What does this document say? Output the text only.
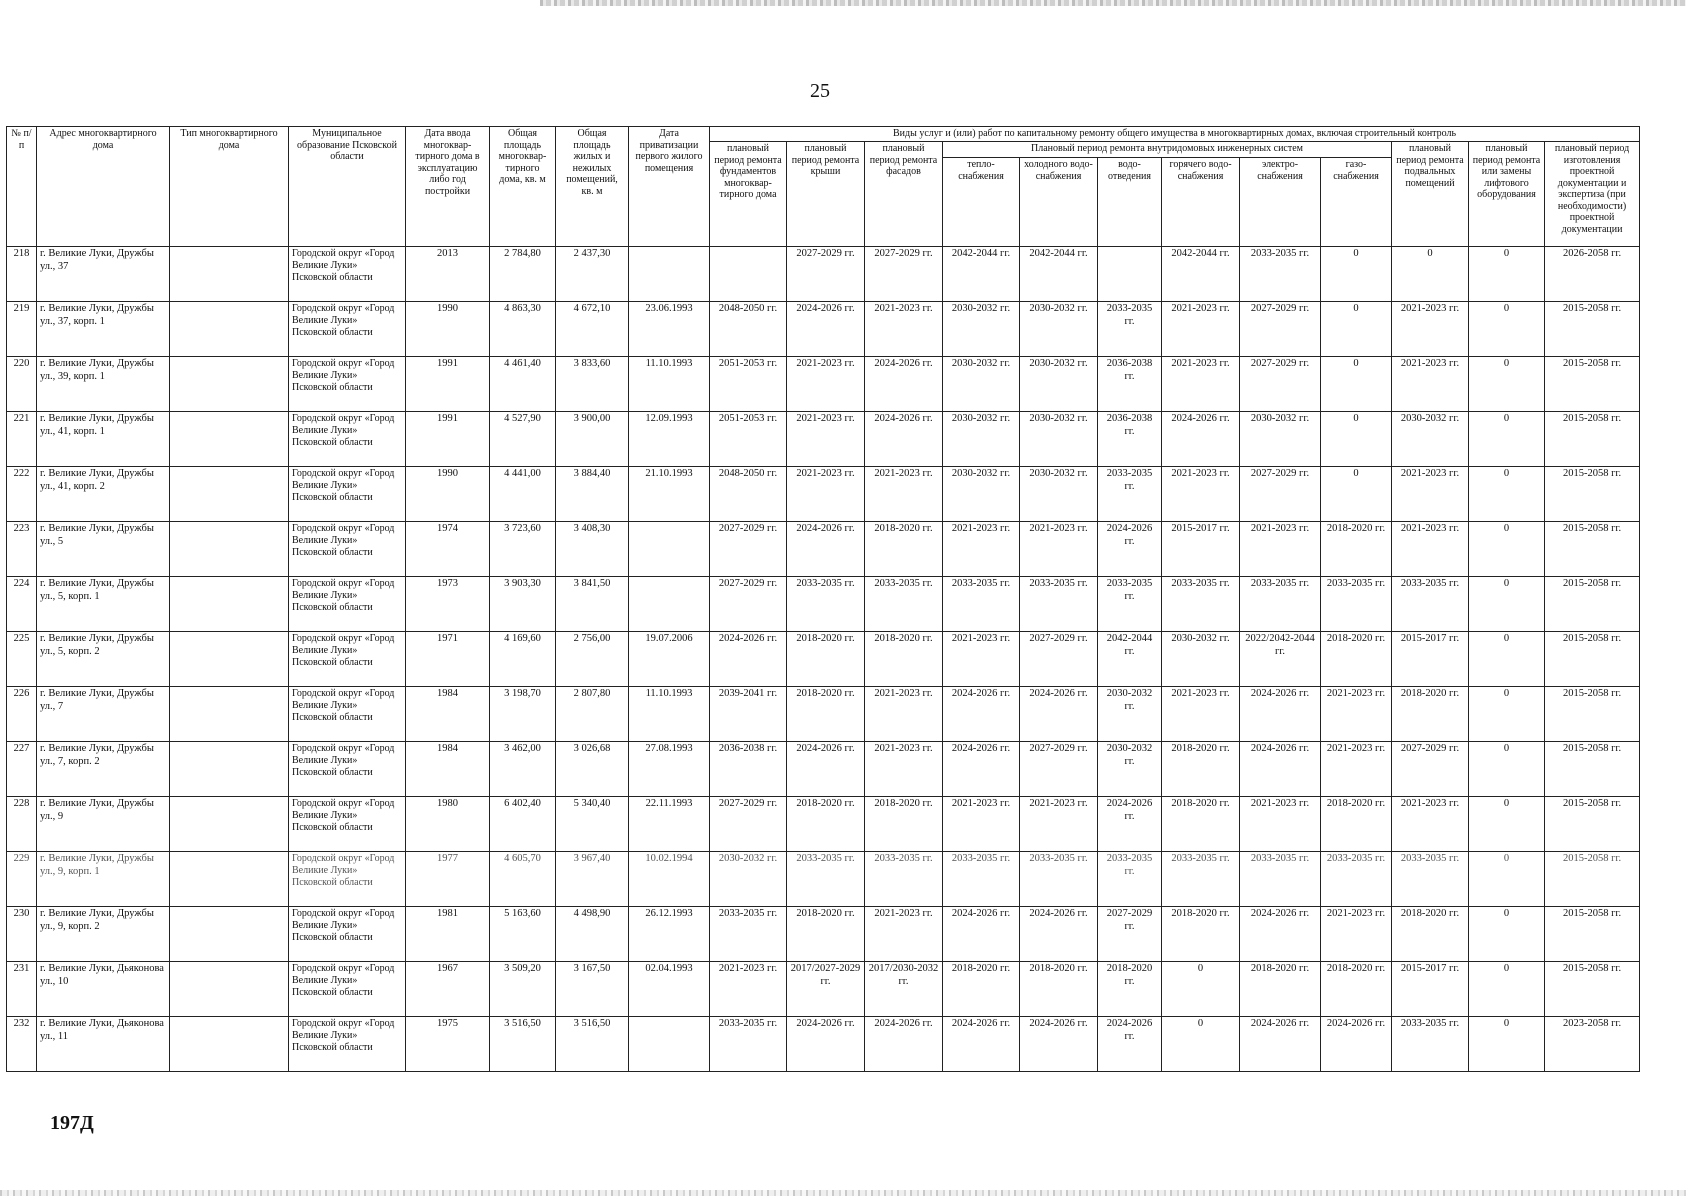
25
№ п/п	Адрес многоквартирного дома	Тип многоквартирного дома	Муниципальное образование Псковской области	Дата ввода многоквар-тирного дома в эксплуатацию либо год постройки	Общая площадь многоквар-тирного дома, кв. м	Общая площадь жилых и нежилых помещений, кв. м	Дата приватизации первого жилого помещения	Виды услуг и (или) работ по капитальному ремонту общего имущества в многоквартирных домах, включая строительный контроль											
								плановый период ремонта фундаментов многоквар-тирного дома	плановый период ремонта крыши	плановый период ремонта фасадов	Плановый период ремонта внутридомовых инженерных систем						плановый период ремонта подвальных помещений	плановый период ремонта или замены лифтового оборудования	плановый период изготовления проектной документации и экспертиза (при необходимости) проектной документации
											тепло-снабжения	холодного водо-снабжения	водо-отведения	горячего водо-снабжения	электро-снабжения	газо-снабжения			
218	г. Великие Луки, Дружбы ул., 37		Городской округ «Город Великие Луки» Псковской области	2013	2 784,80	2 437,30			2027-2029 гг.	2027-2029 гг.	2042-2044 гг.	2042-2044 гг.		2042-2044 гг.	2033-2035 гг.	0	0	0	2026-2058 гг.
219	г. Великие Луки, Дружбы ул., 37, корп. 1		Городской округ «Город Великие Луки» Псковской области	1990	4 863,30	4 672,10	23.06.1993	2048-2050 гг.	2024-2026 гг.	2021-2023 гг.	2030-2032 гг.	2030-2032 гг.	2033-2035 гг.	2021-2023 гг.	2027-2029 гг.	0	2021-2023 гг.	0	2015-2058 гг.
220	г. Великие Луки, Дружбы ул., 39, корп. 1		Городской округ «Город Великие Луки» Псковской области	1991	4 461,40	3 833,60	11.10.1993	2051-2053 гг.	2021-2023 гг.	2024-2026 гг.	2030-2032 гг.	2030-2032 гг.	2036-2038 гг.	2021-2023 гг.	2027-2029 гг.	0	2021-2023 гг.	0	2015-2058 гг.
221	г. Великие Луки, Дружбы ул., 41, корп. 1		Городской округ «Город Великие Луки» Псковской области	1991	4 527,90	3 900,00	12.09.1993	2051-2053 гг.	2021-2023 гг.	2024-2026 гг.	2030-2032 гг.	2030-2032 гг.	2036-2038 гг.	2024-2026 гг.	2030-2032 гг.	0	2030-2032 гг.	0	2015-2058 гг.
222	г. Великие Луки, Дружбы ул., 41, корп. 2		Городской округ «Город Великие Луки» Псковской области	1990	4 441,00	3 884,40	21.10.1993	2048-2050 гг.	2021-2023 гг.	2021-2023 гг.	2030-2032 гг.	2030-2032 гг.	2033-2035 гг.	2021-2023 гг.	2027-2029 гг.	0	2021-2023 гг.	0	2015-2058 гг.
223	г. Великие Луки, Дружбы ул., 5		Городской округ «Город Великие Луки» Псковской области	1974	3 723,60	3 408,30		2027-2029 гг.	2024-2026 гг.	2018-2020 гг.	2021-2023 гг.	2021-2023 гг.	2024-2026 гг.	2015-2017 гг.	2021-2023 гг.	2018-2020 гг.	2021-2023 гг.	0	2015-2058 гг.
224	г. Великие Луки, Дружбы ул., 5, корп. 1		Городской округ «Город Великие Луки» Псковской области	1973	3 903,30	3 841,50		2027-2029 гг.	2033-2035 гг.	2033-2035 гг.	2033-2035 гг.	2033-2035 гг.	2033-2035 гг.	2033-2035 гг.	2033-2035 гг.	2033-2035 гг.	2033-2035 гг.	0	2015-2058 гг.
225	г. Великие Луки, Дружбы ул., 5, корп. 2		Городской округ «Город Великие Луки» Псковской области	1971	4 169,60	2 756,00	19.07.2006	2024-2026 гг.	2018-2020 гг.	2018-2020 гг.	2021-2023 гг.	2027-2029 гг.	2042-2044 гг.	2030-2032 гг.	2022/2042-2044 гг.	2018-2020 гг.	2015-2017 гг.	0	2015-2058 гг.
226	г. Великие Луки, Дружбы ул., 7		Городской округ «Город Великие Луки» Псковской области	1984	3 198,70	2 807,80	11.10.1993	2039-2041 гг.	2018-2020 гг.	2021-2023 гг.	2024-2026 гг.	2024-2026 гг.	2030-2032 гг.	2021-2023 гг.	2024-2026 гг.	2021-2023 гг.	2018-2020 гг.	0	2015-2058 гг.
227	г. Великие Луки, Дружбы ул., 7, корп. 2		Городской округ «Город Великие Луки» Псковской области	1984	3 462,00	3 026,68	27.08.1993	2036-2038 гг.	2024-2026 гг.	2021-2023 гг.	2024-2026 гг.	2027-2029 гг.	2030-2032 гг.	2018-2020 гг.	2024-2026 гг.	2021-2023 гг.	2027-2029 гг.	0	2015-2058 гг.
228	г. Великие Луки, Дружбы ул., 9		Городской округ «Город Великие Луки» Псковской области	1980	6 402,40	5 340,40	22.11.1993	2027-2029 гг.	2018-2020 гг.	2018-2020 гг.	2021-2023 гг.	2021-2023 гг.	2024-2026 гг.	2018-2020 гг.	2021-2023 гг.	2018-2020 гг.	2021-2023 гг.	0	2015-2058 гг.
229	г. Великие Луки, Дружбы ул., 9, корп. 1		Городской округ «Город Великие Луки» Псковской области	1977	4 605,70	3 967,40	10.02.1994	2030-2032 гг.	2033-2035 гг.	2033-2035 гг.	2033-2035 гг.	2033-2035 гг.	2033-2035 гг.	2033-2035 гг.	2033-2035 гг.	2033-2035 гг.	2033-2035 гг.	0	2015-2058 гг.
230	г. Великие Луки, Дружбы ул., 9, корп. 2		Городской округ «Город Великие Луки» Псковской области	1981	5 163,60	4 498,90	26.12.1993	2033-2035 гг.	2018-2020 гг.	2021-2023 гг.	2024-2026 гг.	2024-2026 гг.	2027-2029 гг.	2018-2020 гг.	2024-2026 гг.	2021-2023 гг.	2018-2020 гг.	0	2015-2058 гг.
231	г. Великие Луки, Дьяконова ул., 10		Городской округ «Город Великие Луки» Псковской области	1967	3 509,20	3 167,50	02.04.1993	2021-2023 гг.	2017/2027-2029 гг.	2017/2030-2032 гг.	2018-2020 гг.	2018-2020 гг.	2018-2020 гг.	0	2018-2020 гг.	2018-2020 гг.	2015-2017 гг.	0	2015-2058 гг.
232	г. Великие Луки, Дьяконова ул., 11		Городской округ «Город Великие Луки» Псковской области	1975	3 516,50	3 516,50		2033-2035 гг.	2024-2026 гг.	2024-2026 гг.	2024-2026 гг.	2024-2026 гг.	2024-2026 гг.	0	2024-2026 гг.	2024-2026 гг.	2033-2035 гг.	0	2023-2058 гг.
197Д
